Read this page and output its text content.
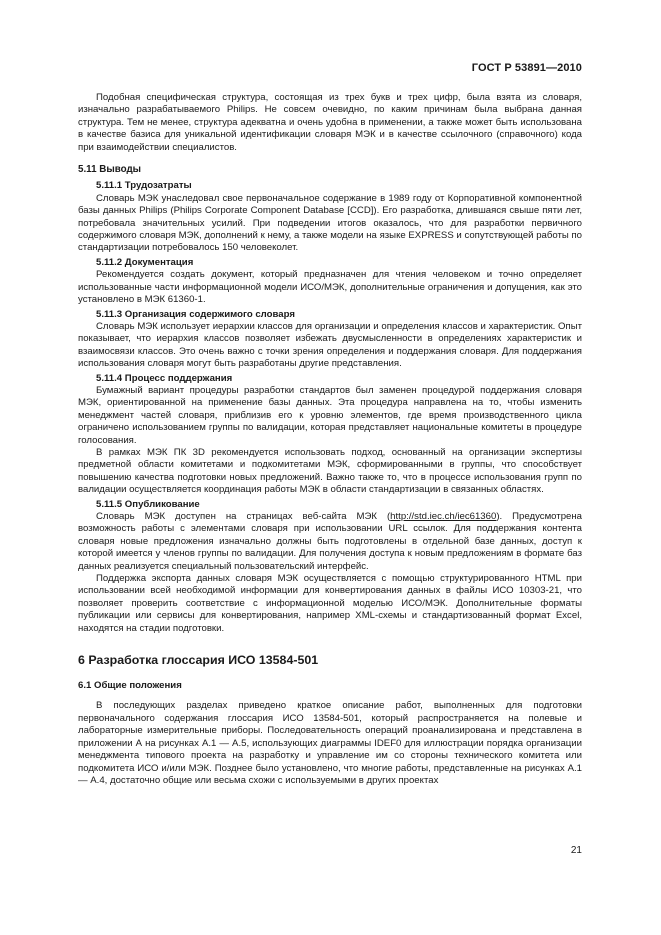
ГОСТ Р 53891—2010

Подобная специфическая структура, состоящая из трех букв и трех цифр, была взята из словаря, изначально разрабатываемого Philips. Не совсем очевидно, по каким причинам была выбрана данная структура. Тем не менее, структура адекватна и очень удобна в применении, а также может быть использована в качестве базиса для уникальной идентификации словаря МЭК и в качестве ссылочного (справочного) кода при взаимодействии специалистов.

5.11 Выводы
5.11.1 Трудозатраты

Словарь МЭК унаследовал свое первоначальное содержание в 1989 году от Корпоративной компонентной базы данных Philips (Philips Corporate Component Database [CCD]). Его разработка, длившаяся свыше пяти лет, потребовала значительных усилий. При подведении итогов оказалось, что для разработки первичного содержимого словаря МЭК, дополнений к нему, а также модели на языке EXPRESS и сопутствующей работы по стандартизации потребовалось 150 человеколет.

5.11.2 Документация

Рекомендуется создать документ, который предназначен для чтения человеком и точно определяет использованные части информационной модели ИСО/МЭК, дополнительные ограничения и допущения, как это установлено в МЭК 61360-1.

5.11.3 Организация содержимого словаря

Словарь МЭК использует иерархии классов для организации и определения классов и характеристик. Опыт показывает, что иерархия классов позволяет избежать двусмысленности в определениях характеристик и взаимосвязи классов. Это очень важно с точки зрения определения и поддержания словаря. Для поддержания использования словаря могут быть разработаны другие представления.

5.11.4 Процесс поддержания

Бумажный вариант процедуры разработки стандартов был заменен процедурой поддержания словаря МЭК, ориентированной на применение базы данных. Эта процедура направлена на то, чтобы изменить менеджмент частей словаря, приблизив его к уровню элементов, где время производственного цикла ограничено использованием группы по валидации, которая представляет национальные комитеты в процедуре голосования.

В рамках МЭК ПК 3D рекомендуется использовать подход, основанный на организации экспертизы предметной области комитетами и подкомитетами МЭК, сформированными в группы, что способствует повышению качества подготовки новых предложений. Важно также то, что в процессе использования групп по валидации осуществляется координация работы МЭК в области стандартизации в связанных областях.

5.11.5 Опубликование

Словарь МЭК доступен на страницах веб-сайта МЭК (http://std.iec.ch/iec61360). Предусмотрена возможность работы с элементами словаря при использовании URL ссылок. Для поддержания контента словаря новые предложения изначально должны быть подготовлены в отдельной базе данных, доступ к которой имеется у членов группы по валидации. Для получения доступа к новым предложениям в формате баз данных реализуется специальный пользовательский интерфейс.

Поддержка экспорта данных словаря МЭК осуществляется с помощью структурированного HTML при использовании всей необходимой информации для конвертирования данных в файлы ИСО 10303-21, что позволяет проверить соответствие с информационной моделью ИСО/МЭК. Дополнительные форматы публикации или сервисы для конвертирования, например XML-схемы и стандартизованный формат Excel, находятся на стадии подготовки.

6 Разработка глоссария ИСО 13584-501
6.1 Общие положения

В последующих разделах приведено краткое описание работ, выполненных для подготовки первоначального содержания глоссария ИСО 13584-501, который распространяется на полевые и лабораторные измерительные приборы. Последовательность операций проанализирована и представлена в приложении А на рисунках А.1 — А.5, использующих диаграммы IDEF0 для иллюстрации порядка организации менеджмента типового проекта на разработку и управление им со стороны технического комитета или подкомитета ИСО и/или МЭК. Позднее было установлено, что многие работы, представленные на рисунках А.1 — А.4, достаточно общие или весьма схожи с используемыми в других проектах

21
